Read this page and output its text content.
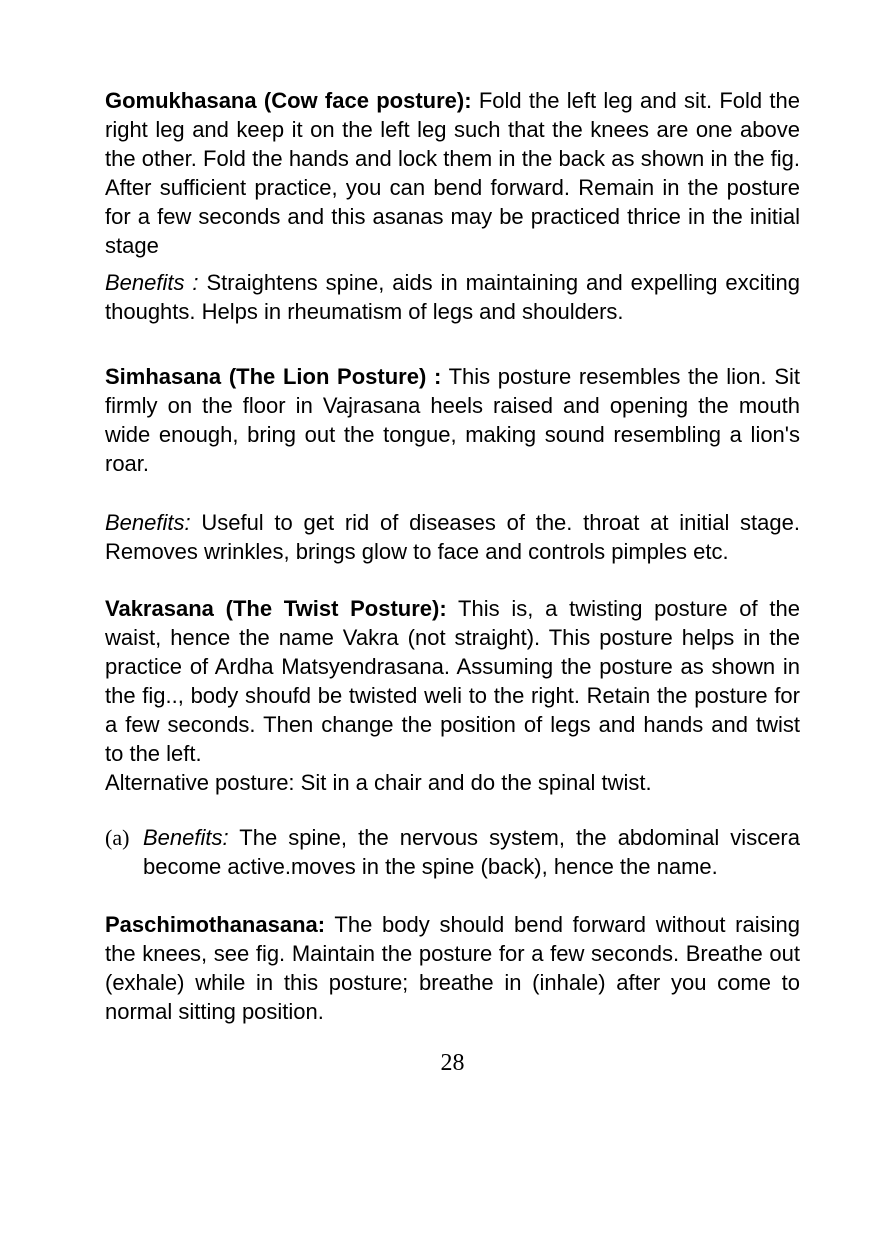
Gomukhasana (Cow face posture): Fold the left leg and sit. Fold the right leg and keep it on the left leg such that the knees are one above the other. Fold the hands and lock them in the back as shown in the fig. After sufficient practice, you can bend forward. Remain in the posture for a few seconds and this asanas may be practiced thrice in the initial stage

Benefits : Straightens spine, aids in maintaining and expelling exciting thoughts. Helps in rheumatism of legs and shoulders.

Simhasana (The Lion Posture) : This posture resembles the lion. Sit firmly on the floor in Vajrasana heels raised and opening the mouth wide enough, bring out the tongue, making sound resembling a lion's roar.

Benefits: Useful to get rid of diseases of the. throat at initial stage. Removes wrinkles, brings glow to face and controls pimples etc.

Vakrasana (The Twist Posture): This is, a twisting posture of the waist, hence the name Vakra (not straight). This posture helps in the practice of Ardha Matsyendrasana. Assuming the posture as shown in the fig.., body shoufd be twisted weli to the right. Retain the posture for a few seconds. Then change the position of legs and hands and twist to the left.

Alternative posture: Sit in a chair and do the spinal twist.

(a) Benefits: The spine, the nervous system, the abdominal viscera become active.moves in the spine (back), hence the name.

Paschimothanasana: The body should bend forward without raising the knees, see fig. Maintain the posture for a few seconds. Breathe out (exhale) while in this posture; breathe in (inhale) after you come to normal sitting position.

28
